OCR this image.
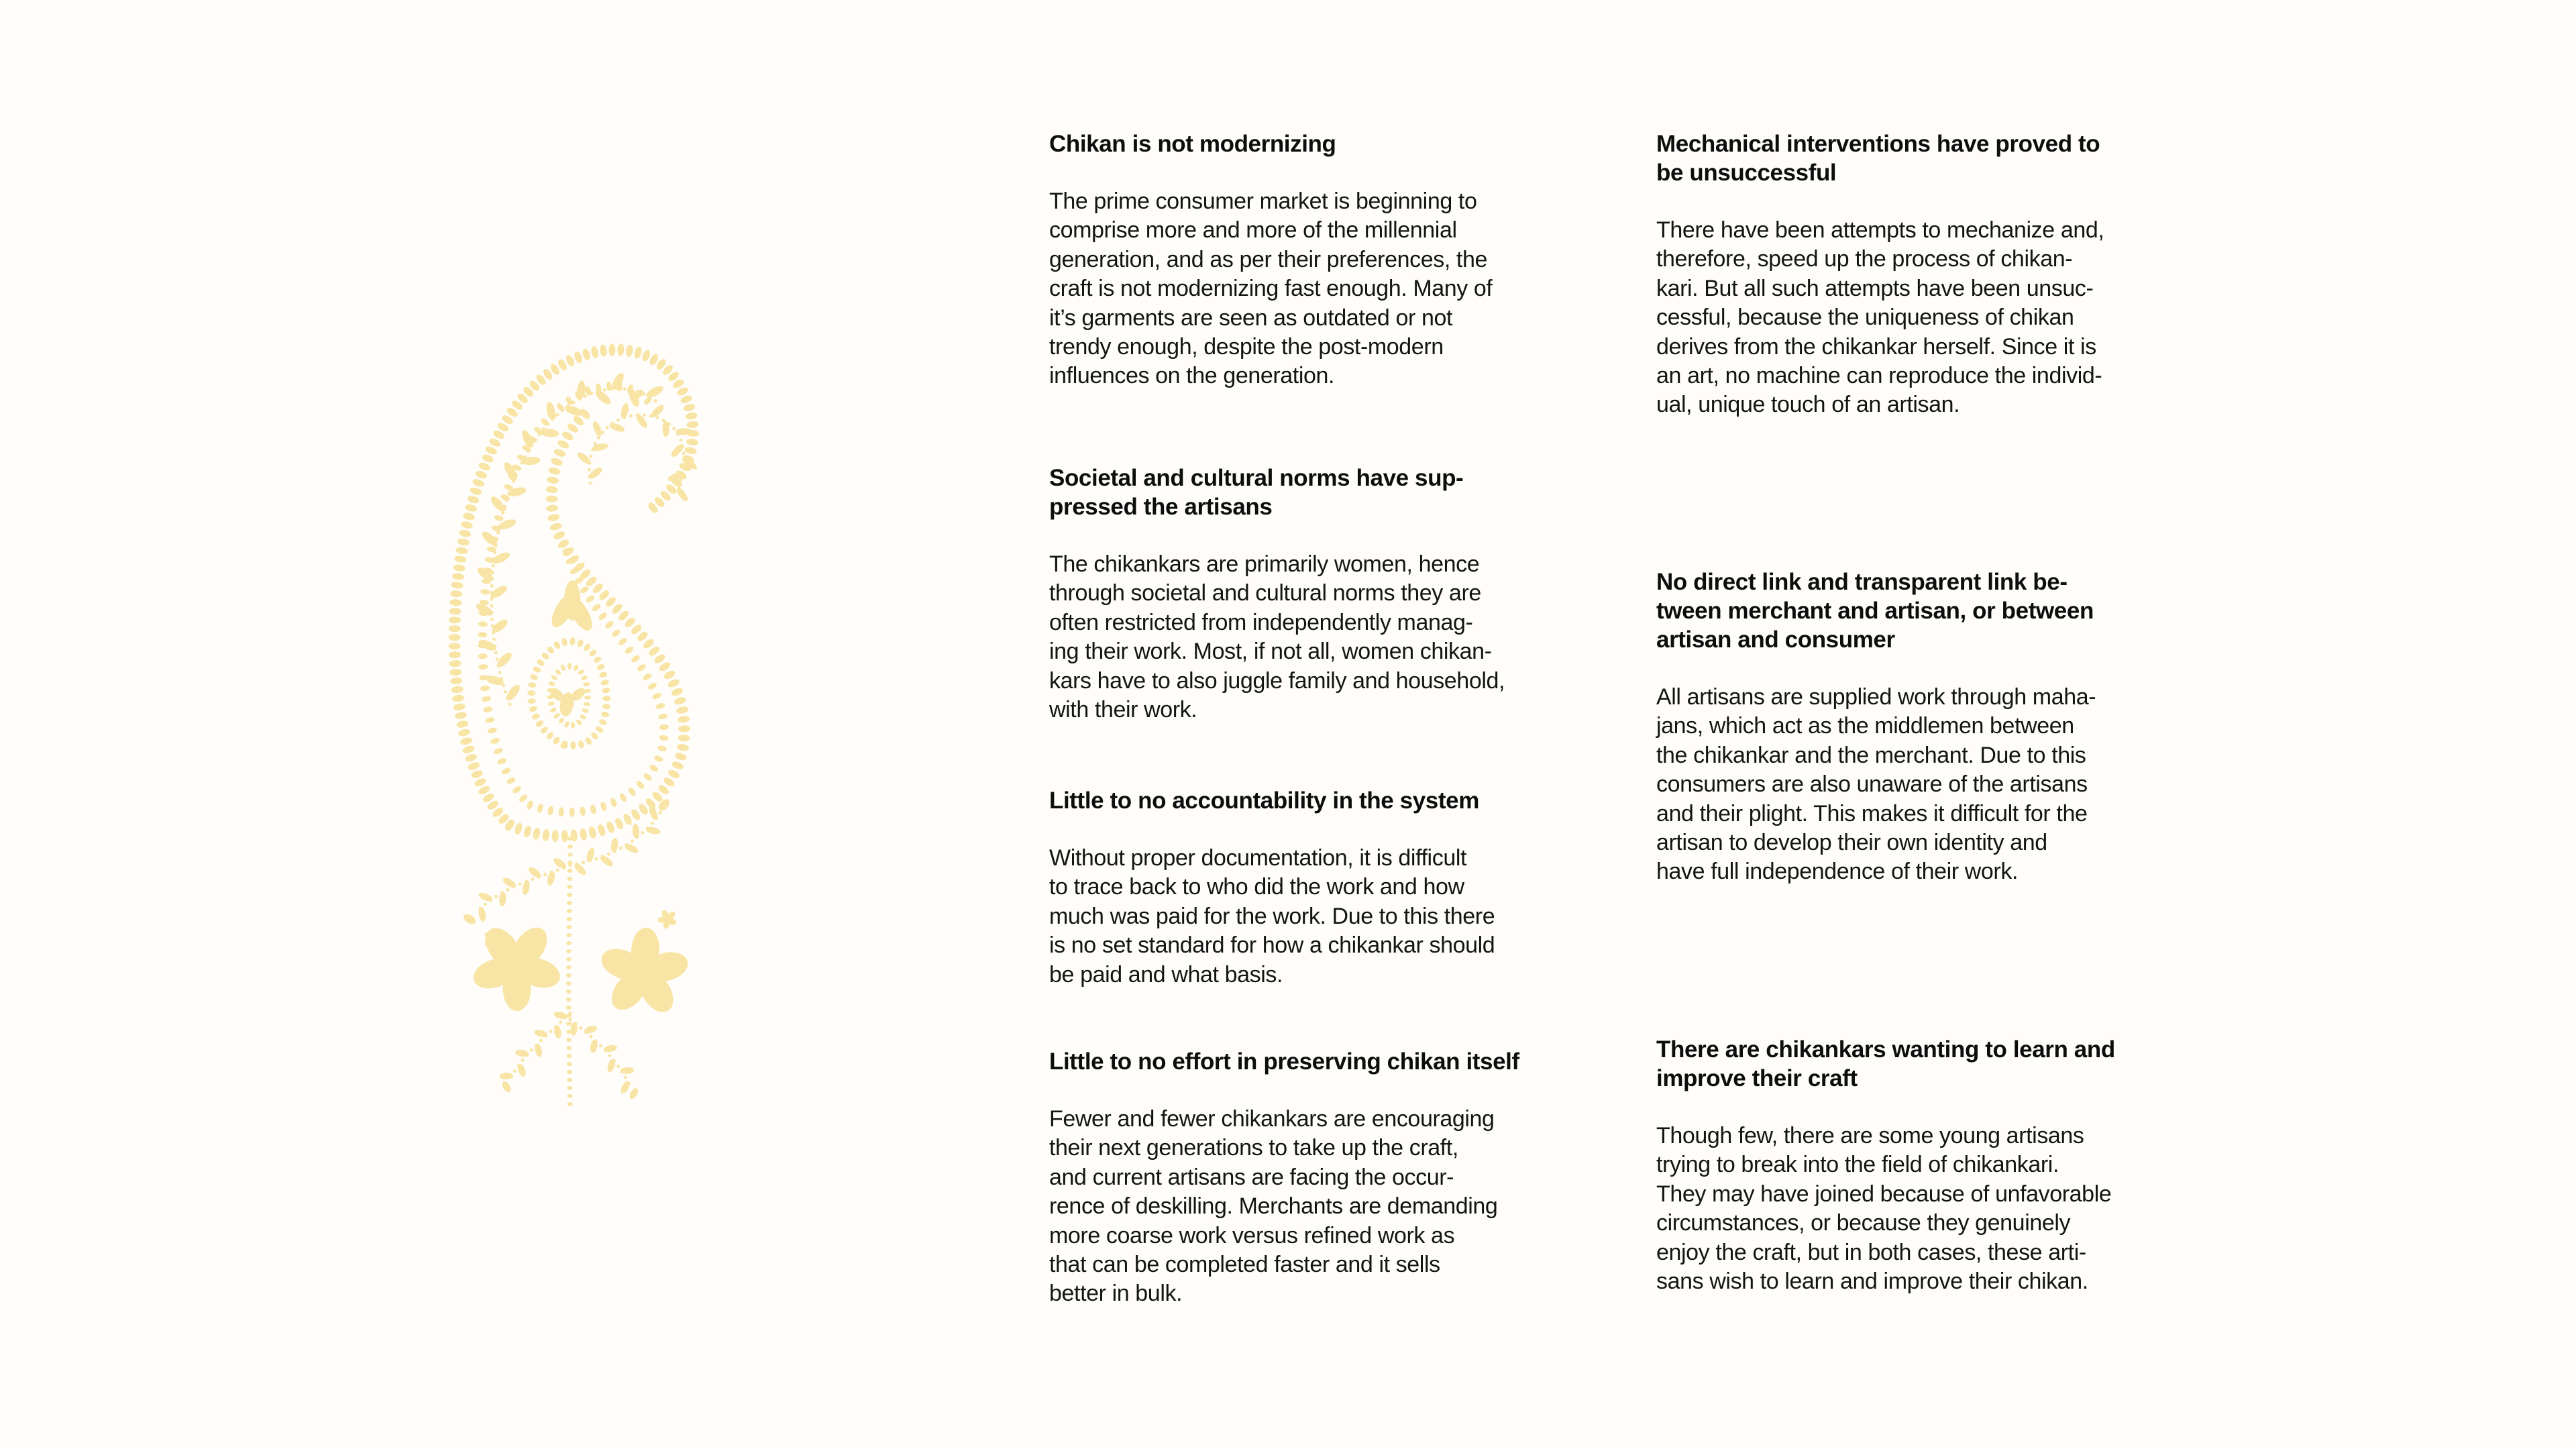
Chikan is not modernizing

The prime consumer market is beginning to
comprise more and more of the millennial
generation, and as per their preferences, the
craft is not modernizing fast enough. Many of
it’s garments are seen as outdated or not
trendy enough, despite the post-modern
influences on the generation.

Societal and cultural norms have sup-
pressed the artisans

The chikankars are primarily women, hence
through societal and cultural norms they are
often restricted from independently manag-
ing their work. Most, if not all, women chikan-
kars have to also juggle family and household,
with their work.

Little to no accountability in the system

Without proper documentation, it is difficult
to trace back to who did the work and how
much was paid for the work. Due to this there
is no set standard for how a chikankar should
be paid and what basis.

Little to no effort in preserving chikan itself

Fewer and fewer chikankars are encouraging
their next generations to take up the craft,
and current artisans are facing the occur-
rence of deskilling. Merchants are demanding
more coarse work versus refined work as
that can be completed faster and it sells
better in bulk.

Mechanical interventions have proved to
be unsuccessful

There have been attempts to mechanize and,
therefore, speed up the process of chikan-
kari. But all such attempts have been unsuc-
cessful, because the uniqueness of chikan
derives from the chikankar herself. Since it is
an art, no machine can reproduce the individ-
ual, unique touch of an artisan.

No direct link and transparent link be-
tween merchant and artisan, or between
artisan and consumer

All artisans are supplied work through maha-
jans, which act as the middlemen between
the chikankar and the merchant. Due to this
consumers are also unaware of the artisans
and their plight. This makes it difficult for the
artisan to develop their own identity and
have full independence of their work.

There are chikankars wanting to learn and
improve their craft

Though few, there are some young artisans
trying to break into the field of chikankari.
They may have joined because of unfavorable
circumstances, or because they genuinely
enjoy the craft, but in both cases, these arti-
sans wish to learn and improve their chikan.
